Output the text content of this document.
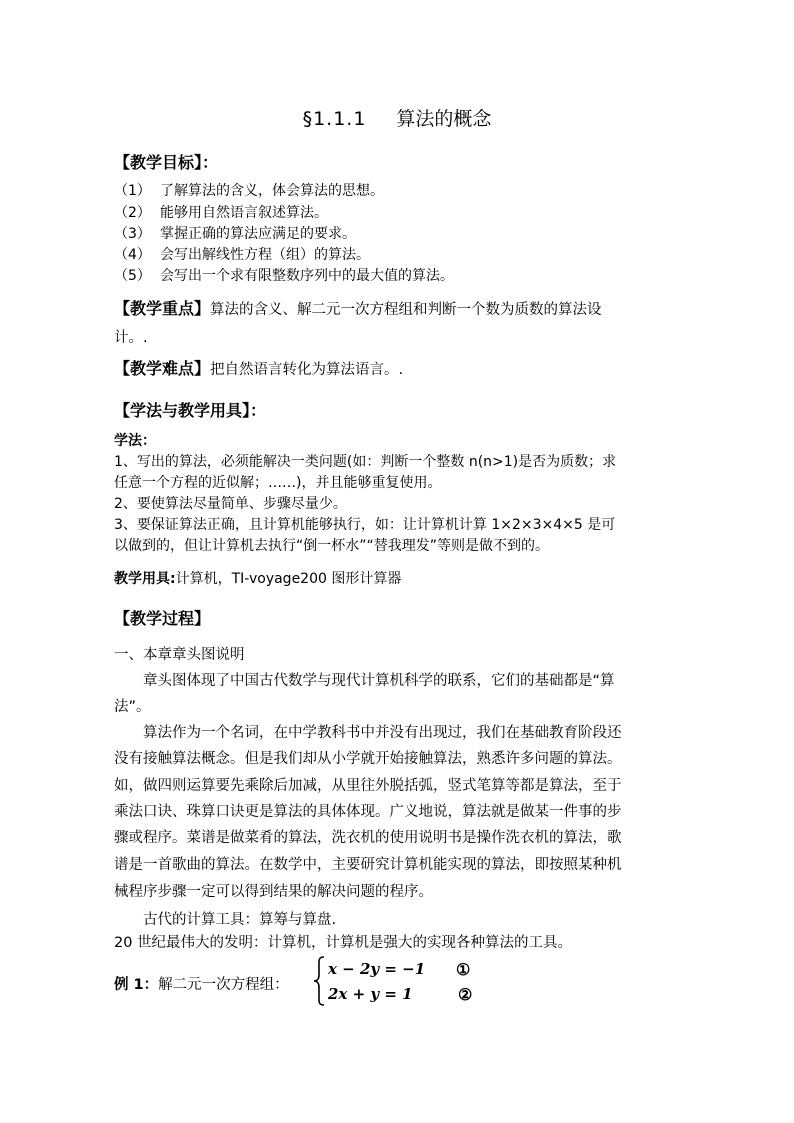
§1.1.1 算法的概念
【教学目标】：
（1） 了解算法的含义，体会算法的思想。
（2） 能够用自然语言叙述算法。
（3） 掌握正确的算法应满足的要求。
（4） 会写出解线性方程（组）的算法。
（5） 会写出一个求有限整数序列中的最大值的算法。
【教学重点】算法的含义、解二元一次方程组和判断一个数为质数的算法设
计。.
【教学难点】把自然语言转化为算法语言。.
【学法与教学用具】：
学法：
1、写出的算法，必须能解决一类问题(如：判断一个整数 n(n>1)是否为质数；求
任意一个方程的近似解；……)，并且能够重复使用。
2、要使算法尽量简单、步骤尽量少。
3、要保证算法正确，且计算机能够执行，如：让计算机计算 1×2×3×4×5 是可
以做到的，但让计算机去执行“倒一杯水”“替我理发”等则是做不到的。
教学用具:计算机，TI-voyage200 图形计算器
【教学过程】
一、本章章头图说明
章头图体现了中国古代数学与现代计算机科学的联系，它们的基础都是“算
法”。
算法作为一个名词，在中学教科书中并没有出现过，我们在基础教育阶段还
没有接触算法概念。但是我们却从小学就开始接触算法，熟悉许多问题的算法。
如，做四则运算要先乘除后加减，从里往外脱括弧，竖式笔算等都是算法，至于
乘法口诀、珠算口诀更是算法的具体体现。广义地说，算法就是做某一件事的步
骤或程序。菜谱是做菜肴的算法，洗衣机的使用说明书是操作洗衣机的算法，歌
谱是一首歌曲的算法。在数学中，主要研究计算机能实现的算法，即按照某种机
械程序步骤一定可以得到结果的解决问题的程序。
古代的计算工具：算筹与算盘.
20 世纪最伟大的发明：计算机，计算机是强大的实现各种算法的工具。
例 1：解二元一次方程组：
x − 2y = −1
2x + y = 1
①
②
